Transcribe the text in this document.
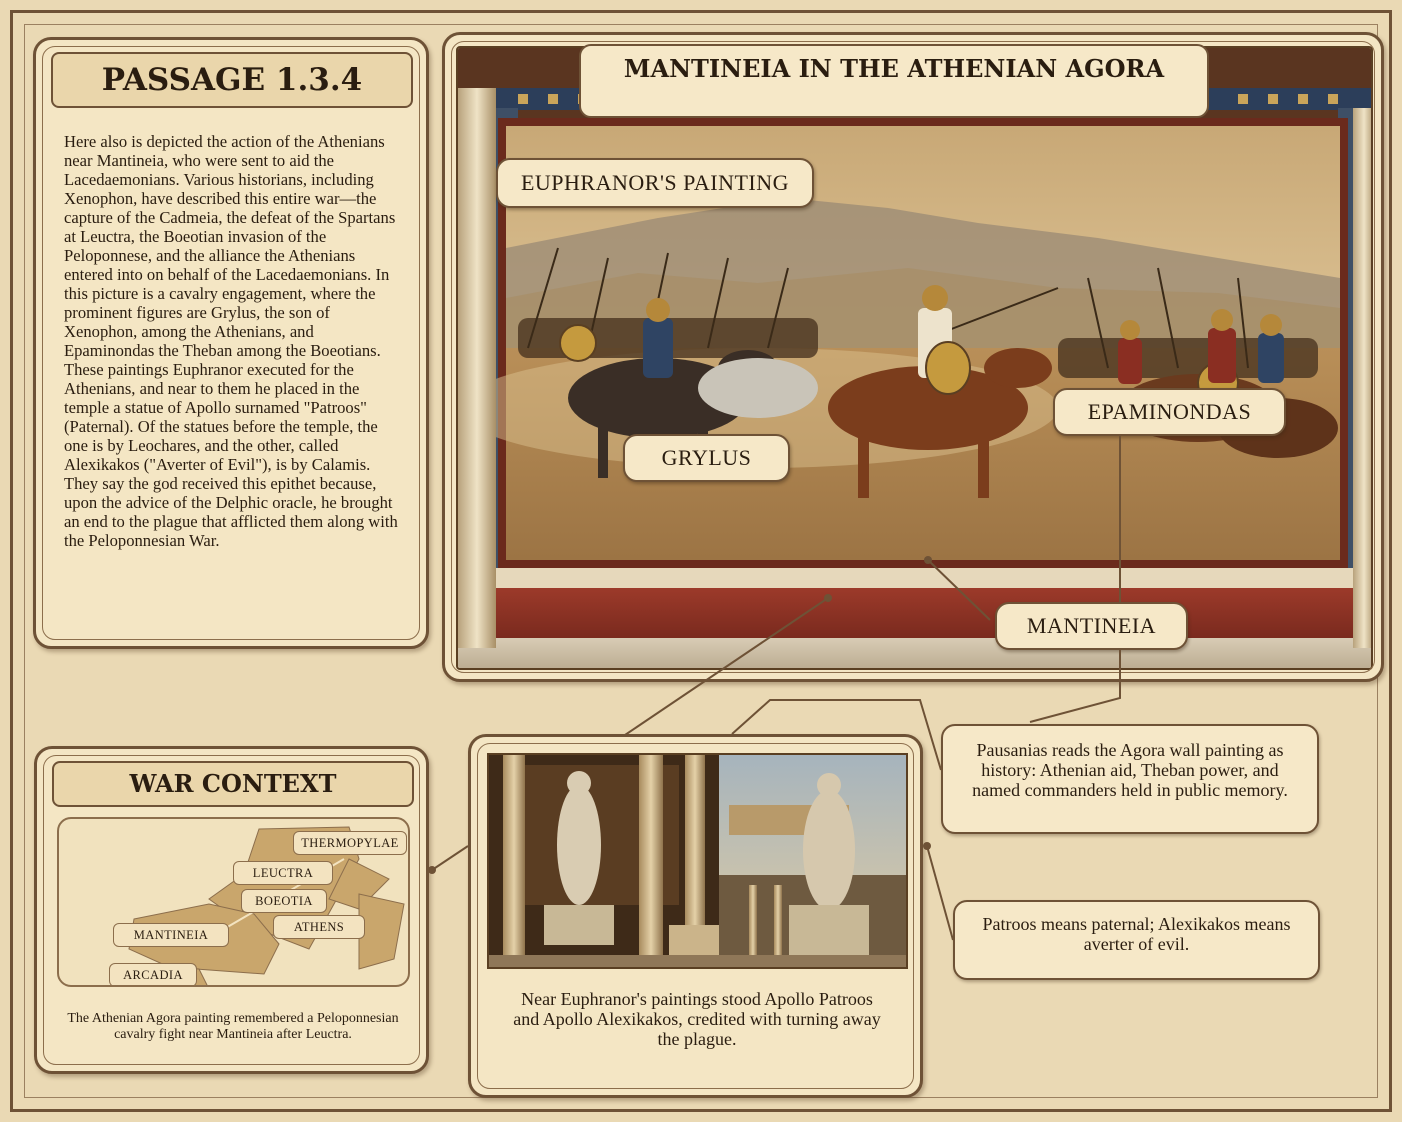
PASSAGE 1.3.4
Here also is depicted the action of the Athenians near Mantineia, who were sent to aid the Lacedaemonians. Various historians, including Xenophon, have described this entire war—the capture of the Cadmeia, the defeat of the Spartans at Leuctra, the Boeotian invasion of the Peloponnese, and the alliance the Athenians entered into on behalf of the Lacedaemonians. In this picture is a cavalry engagement, where the prominent figures are Grylus, the son of Xenophon, among the Athenians, and Epaminondas the Theban among the Boeotians. These paintings Euphranor executed for the Athenians, and near to them he placed in the temple a statue of Apollo surnamed "Patroos" (Paternal). Of the statues before the temple, the one is by Leochares, and the other, called Alexikakos ("Averter of Evil"), is by Calamis. They say the god received this epithet because, upon the advice of the Delphic oracle, he brought an end to the plague that afflicted them along with the Peloponnesian War.
MANTINEIA IN THE ATHENIAN AGORA
EUPHRANOR'S PAINTING
GRYLUS
EPAMINONDAS
MANTINEIA
WAR CONTEXT
THERMOPYLAE
LEUCTRA
BOEOTIA
MANTINEIA
ATHENS
ARCADIA
The Athenian Agora painting remembered a Peloponnesian cavalry fight near Mantineia after Leuctra.
Near Euphranor's paintings stood Apollo Patroos and Apollo Alexikakos, credited with turning away the plague.
Pausanias reads the Agora wall painting as history: Athenian aid, Theban power, and named commanders held in public memory.
Patroos means paternal; Alexikakos means averter of evil.
